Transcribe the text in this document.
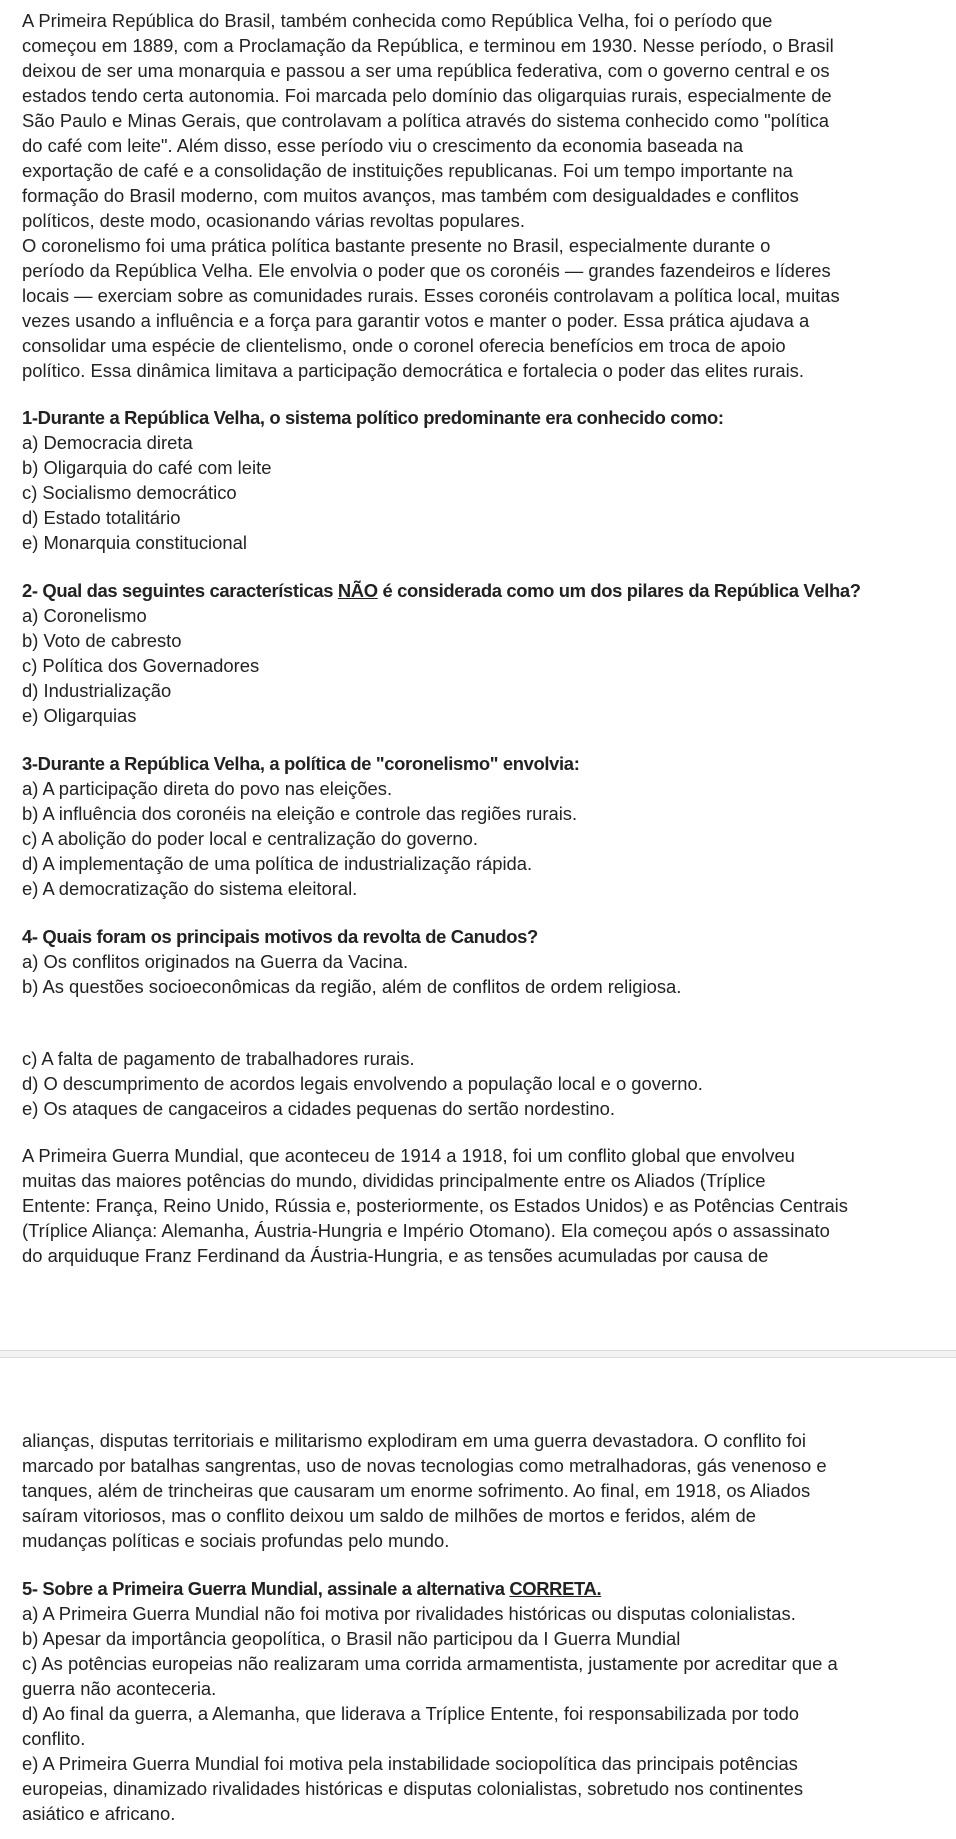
A Primeira República do Brasil, também conhecida como República Velha, foi o período que
começou em 1889, com a Proclamação da República, e terminou em 1930. Nesse período, o Brasil
deixou de ser uma monarquia e passou a ser uma república federativa, com o governo central e os
estados tendo certa autonomia. Foi marcada pelo domínio das oligarquias rurais, especialmente de
São Paulo e Minas Gerais, que controlavam a política através do sistema conhecido como "política
do café com leite". Além disso, esse período viu o crescimento da economia baseada na
exportação de café e a consolidação de instituições republicanas. Foi um tempo importante na
formação do Brasil moderno, com muitos avanços, mas também com desigualdades e conflitos
políticos, deste modo, ocasionando várias revoltas populares.
O coronelismo foi uma prática política bastante presente no Brasil, especialmente durante o
período da República Velha. Ele envolvia o poder que os coronéis — grandes fazendeiros e líderes
locais — exerciam sobre as comunidades rurais. Esses coronéis controlavam a política local, muitas
vezes usando a influência e a força para garantir votos e manter o poder. Essa prática ajudava a
consolidar uma espécie de clientelismo, onde o coronel oferecia benefícios em troca de apoio
político. Essa dinâmica limitava a participação democrática e fortalecia o poder das elites rurais.
1-Durante a República Velha, o sistema político predominante era conhecido como:
a) Democracia direta
b) Oligarquia do café com leite
c) Socialismo democrático
d) Estado totalitário
e) Monarquia constitucional
2- Qual das seguintes características NÃO é considerada como um dos pilares da República Velha?
a) Coronelismo
b) Voto de cabresto
c) Política dos Governadores
d) Industrialização
e) Oligarquias
3-Durante a República Velha, a política de "coronelismo" envolvia:
a) A participação direta do povo nas eleições.
b) A influência dos coronéis na eleição e controle das regiões rurais.
c) A abolição do poder local e centralização do governo.
d) A implementação de uma política de industrialização rápida.
e) A democratização do sistema eleitoral.
4- Quais foram os principais motivos da revolta de Canudos?
a) Os conflitos originados na Guerra da Vacina.
b) As questões socioeconômicas da região, além de conflitos de ordem religiosa.
c) A falta de pagamento de trabalhadores rurais.
d) O descumprimento de acordos legais envolvendo a população local e o governo.
e) Os ataques de cangaceiros a cidades pequenas do sertão nordestino.
A Primeira Guerra Mundial, que aconteceu de 1914 a 1918, foi um conflito global que envolveu
muitas das maiores potências do mundo, divididas principalmente entre os Aliados (Tríplice
Entente: França, Reino Unido, Rússia e, posteriormente, os Estados Unidos) e as Potências Centrais
(Tríplice Aliança: Alemanha, Áustria-Hungria e Império Otomano). Ela começou após o assassinato
do arquiduque Franz Ferdinand da Áustria-Hungria, e as tensões acumuladas por causa de
alianças, disputas territoriais e militarismo explodiram em uma guerra devastadora. O conflito foi
marcado por batalhas sangrentas, uso de novas tecnologias como metralhadoras, gás venenoso e
tanques, além de trincheiras que causaram um enorme sofrimento. Ao final, em 1918, os Aliados
saíram vitoriosos, mas o conflito deixou um saldo de milhões de mortos e feridos, além de
mudanças políticas e sociais profundas pelo mundo.
5- Sobre a Primeira Guerra Mundial, assinale a alternativa CORRETA.
a) A Primeira Guerra Mundial não foi motiva por rivalidades históricas ou disputas colonialistas.
b) Apesar da importância geopolítica, o Brasil não participou da I Guerra Mundial
c) As potências europeias não realizaram uma corrida armamentista, justamente por acreditar que a
guerra não aconteceria.
d) Ao final da guerra, a Alemanha, que liderava a Tríplice Entente, foi responsabilizada por todo
conflito.
e) A Primeira Guerra Mundial foi motiva pela instabilidade sociopolítica das principais potências
europeias, dinamizado rivalidades históricas e disputas colonialistas, sobretudo nos continentes
asiático e africano.
